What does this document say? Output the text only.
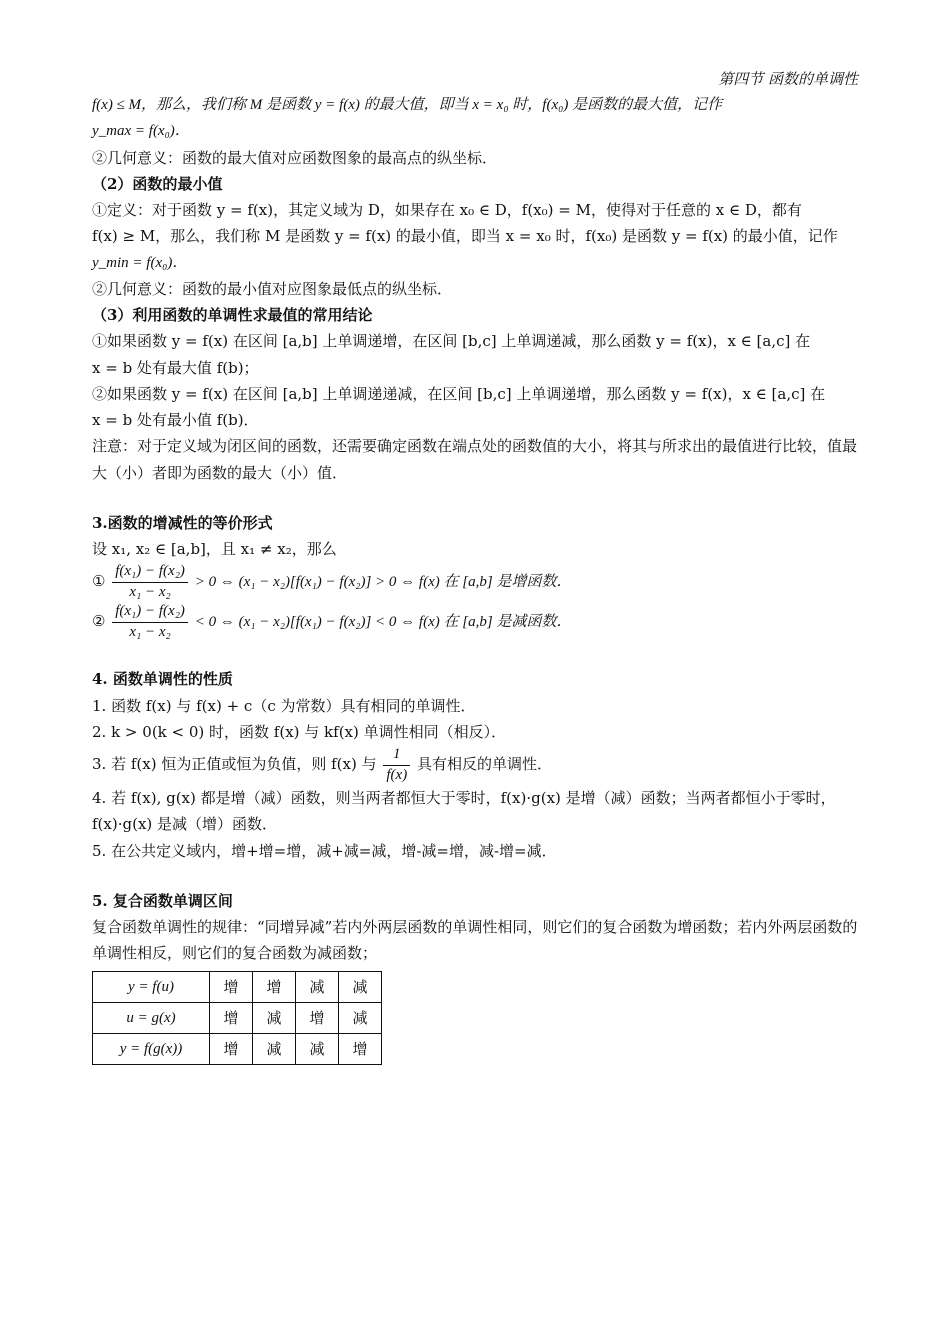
第四节 函数的单调性

f(x) ≤ M，那么，我们称 M 是函数 y = f(x) 的最大值，即当 x = x₀ 时，f(x₀) 是函数的最大值，记作

y_max = f(x₀)．

②几何意义：函数的最大值对应函数图象的最高点的纵坐标．

（2）函数的最小值

①定义：对于函数 y = f(x)，其定义域为 D，如果存在 x₀ ∈ D，f(x₀) = M，使得对于任意的 x ∈ D，都有

f(x) ≥ M，那么，我们称 M 是函数 y = f(x) 的最小值，即当 x = x₀ 时，f(x₀) 是函数 y = f(x) 的最小值，记作

y_min = f(x₀)．

②几何意义：函数的最小值对应图象最低点的纵坐标．

（3）利用函数的单调性求最值的常用结论

①如果函数 y = f(x) 在区间 [a,b] 上单调递增，在区间 [b,c] 上单调递减，那么函数 y = f(x)，x ∈ [a,c] 在

x = b 处有最大值 f(b)；

②如果函数 y = f(x) 在区间 [a,b] 上单调递递减，在区间 [b,c] 上单调递增，那么函数 y = f(x)，x ∈ [a,c] 在

x = b 处有最小值 f(b)．

注意：对于定义域为闭区间的函数，还需要确定函数在端点处的函数值的大小，将其与所求出的最值进行比较，值最大（小）者即为函数的最大（小）值．

3.函数的增减性的等价形式

设 x₁, x₂ ∈ [a,b]，且 x₁ ≠ x₂，那么

① $\frac{\text{f(x₁) − f(x₂)}}{\text{x₁ − x₂}} > 0$ ⇔ (x₁ − x₂)[f(x₁) − f(x₂)] > 0 ⇔ f(x) 在 [a,b] 是增函数．

② $\frac{\text{f(x₁) − f(x₂)}}{\text{x₁ − x₂}} < 0$ ⇔ (x₁ − x₂)[f(x₁) − f(x₂)] < 0 ⇔ f(x) 在 [a,b] 是减函数．

4. 函数单调性的性质

1. 函数 f(x) 与 f(x) + c（c 为常数）具有相同的单调性．

2. k > 0(k < 0) 时，函数 f(x) 与 kf(x) 单调性相同（相反）．

3. 若 f(x) 恒为正值或恒为负值，则 f(x) 与 $\frac{1}{f(x)}$ 具有相反的单调性．

4. 若 f(x), g(x) 都是增（减）函数，则当两者都恒大于零时，f(x)·g(x) 是增（减）函数；当两者都恒小于零时，f(x)·g(x) 是减（增）函数．

5. 在公共定义域内，增+增=增，减+减=减，增-减=增，减-增=减．

5. 复合函数单调区间

复合函数单调性的规律：“同增异减”若内外两层函数的单调性相同，则它们的复合函数为增函数；若内外两层函数的单调性相反，则它们的复合函数为减函数；

y = f(u)	增	增	减	减
u = g(x)	增	减	增	减
y = f(g(x))	增	减	减	增
